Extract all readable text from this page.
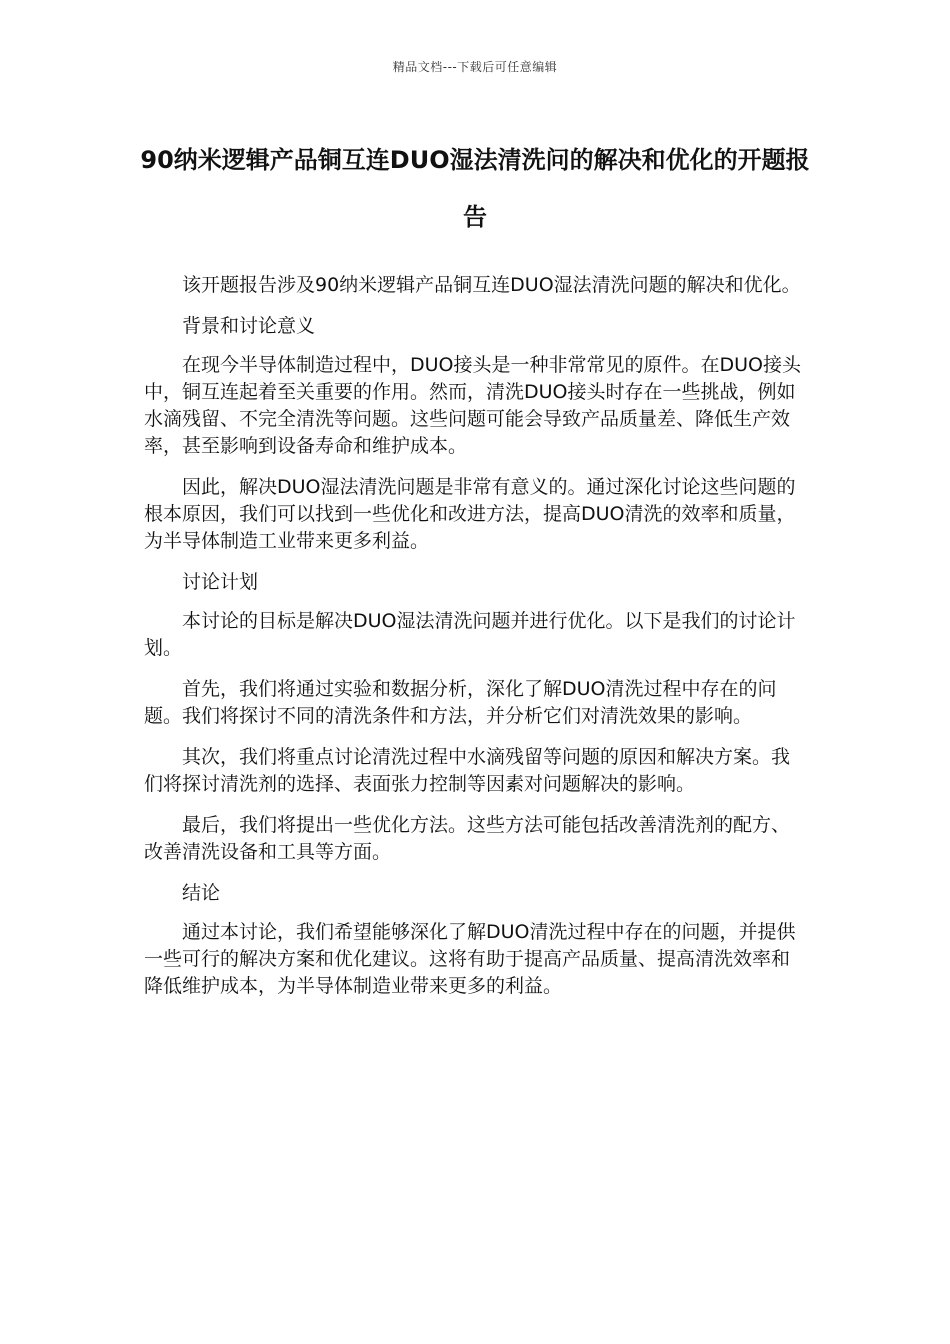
精品文档---下载后可任意编辑
90纳米逻辑产品铜互连DUO湿法清洗问的解决和优化的开题报告

该开题报告涉及90纳米逻辑产品铜互连DUO湿法清洗问题的解决和优化。

背景和讨论意义

在现今半导体制造过程中，DUO接头是一种非常常见的原件。在DUO接头中，铜互连起着至关重要的作用。然而，清洗DUO接头时存在一些挑战，例如水滴残留、不完全清洗等问题。这些问题可能会导致产品质量差、降低生产效率，甚至影响到设备寿命和维护成本。

因此，解决DUO湿法清洗问题是非常有意义的。通过深化讨论这些问题的根本原因，我们可以找到一些优化和改进方法，提高DUO清洗的效率和质量，为半导体制造工业带来更多利益。

讨论计划

本讨论的目标是解决DUO湿法清洗问题并进行优化。以下是我们的讨论计划。

首先，我们将通过实验和数据分析，深化了解DUO清洗过程中存在的问题。我们将探讨不同的清洗条件和方法，并分析它们对清洗效果的影响。

其次，我们将重点讨论清洗过程中水滴残留等问题的原因和解决方案。我们将探讨清洗剂的选择、表面张力控制等因素对问题解决的影响。

最后，我们将提出一些优化方法。这些方法可能包括改善清洗剂的配方、改善清洗设备和工具等方面。

结论

通过本讨论，我们希望能够深化了解DUO清洗过程中存在的问题，并提供一些可行的解决方案和优化建议。这将有助于提高产品质量、提高清洗效率和降低维护成本，为半导体制造业带来更多的利益。
